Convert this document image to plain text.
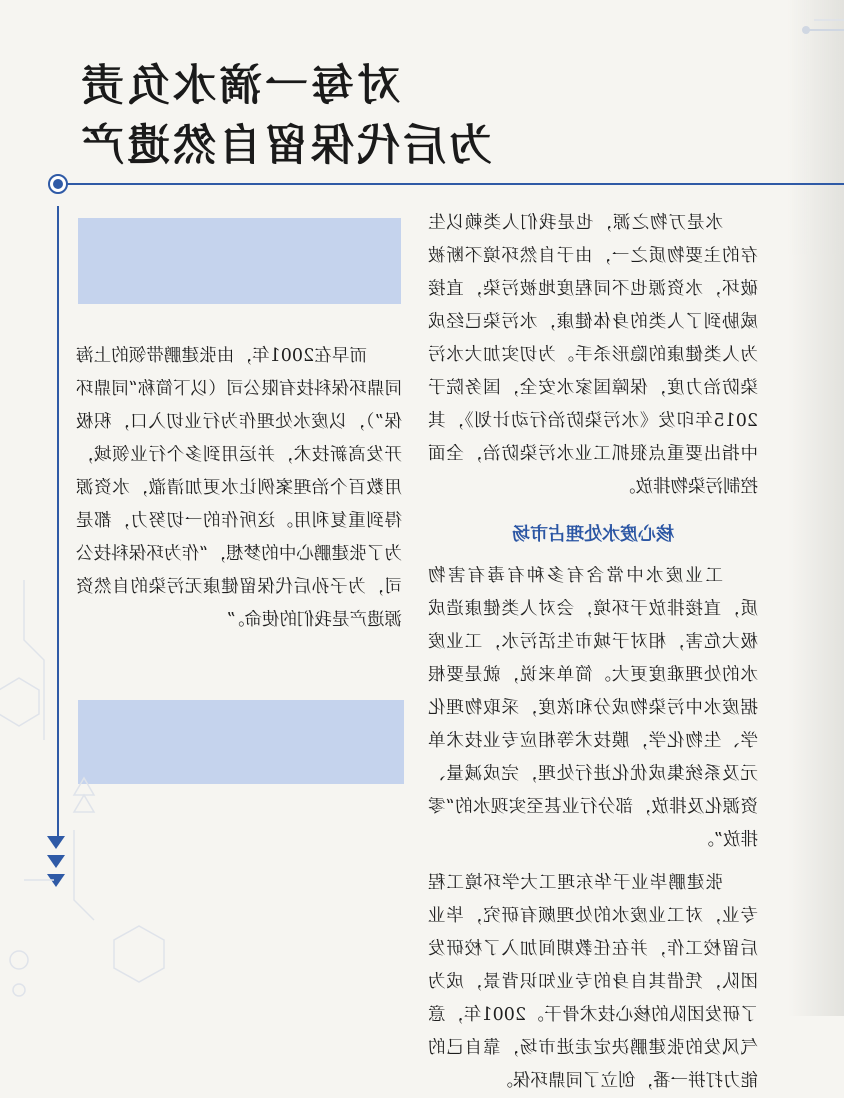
对每一滴水负责
为后代保留自然遗产

水是万物之源，也是我们人类赖以生存的主要物质之一，由于自然环境不断被破坏，水资源也不同程度地被污染，直接威胁到了人类的身体健康，水污染已经成为人类健康的隐形杀手。为切实加大水污染防治力度，保障国家水安全，国务院于2015年印发《水污染防治行动计划》，其中指出要重点狠抓工业水污染防治，全面控制污染物排放。

核心废水处理占市场

工业废水中常含有多种有毒有害物质，直接排放于环境，会对人类健康造成极大危害，相对于城市生活污水，工业废水的处理难度更大。简单来说，就是要根据废水中污染物成分和浓度，采取物理化学、生物化学，膜技术等相应专业技术单元及系统集成优化进行处理，完成减量、资源化及排放，部分行业甚至实现水的“零排放”。

张建鹏毕业于华东理工大学环境工程专业，对工业废水的处理颇有研究，毕业后留校工作，并在任教期间加入了校研发团队，凭借其自身的专业知识背景，成为了研发团队的核心技术骨干。2001年，意气风发的张建鹏决定走进市场，靠自己的能力打拼一番，创立了同鼎环保。

而早在2001年，由张建鹏带领的上海同鼎环保科技有限公司（以下简称“同鼎环保”），以废水处理作为行业切入口，积极开发高新技术，并运用到多个行业领域，用数百个治理案例让水更加清澈，水资源得到重复利用。这所作的一切努力，都是为了张建鹏心中的梦想，“作为环保科技公司，为子孙后代保留健康无污染的自然资源遗产是我们的使命。”
